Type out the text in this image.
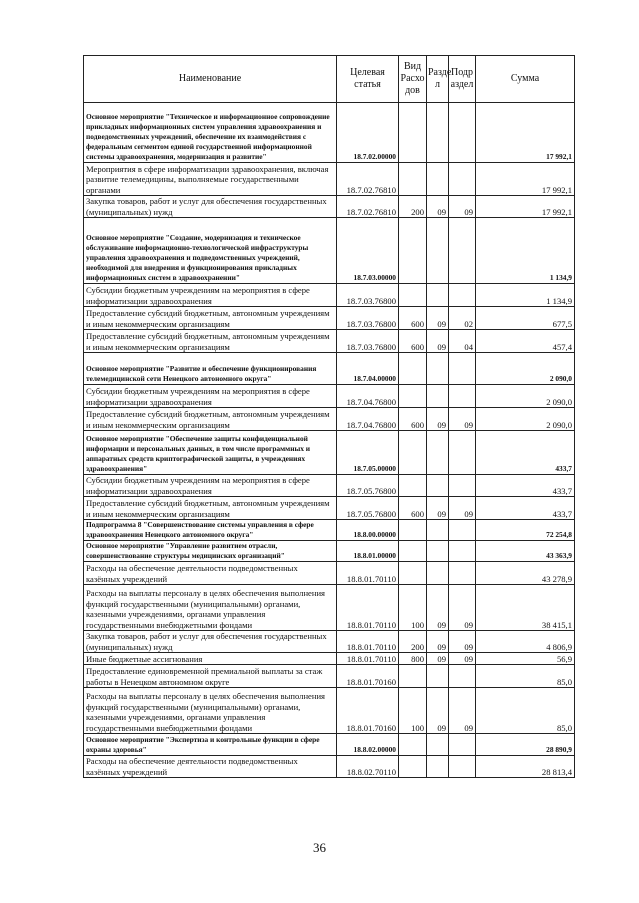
Наименование	Целевая статья	Вид Расхо дов	Разде л	Подр аздел	Сумма
Основное мероприятие "Техническое и информационное сопровождение прикладных информационных систем управления здравоохранения и подведомственных учреждений, обеспечение их взаимодействия с федеральным сегментом единой государственной информационной системы здравоохранения, модернизация и развитие"	18.7.02.00000				17 992,1
Мероприятия в сфере информатизации здравоохранения, включая развитие телемедицины, выполняемые государственными органами	18.7.02.76810				17 992,1
Закупка товаров, работ и услуг для обеспечения государственных (муниципальных) нужд	18.7.02.76810	200	09	09	17 992,1
Основное мероприятие "Создание, модернизация и техническое обслуживание информационно-технологической инфраструктуры управления здравоохранения и подведомственных учреждений, необходимой для внедрения и функционирования прикладных информационных систем в здравоохранении"	18.7.03.00000				1 134,9
Субсидии бюджетным учреждениям на мероприятия в сфере информатизации здравоохранения	18.7.03.76800				1 134,9
Предоставление субсидий бюджетным, автономным учреждениям и иным некоммерческим организациям	18.7.03.76800	600	09	02	677,5
Предоставление субсидий бюджетным, автономным учреждениям и иным некоммерческим организациям	18.7.03.76800	600	09	04	457,4
Основное мероприятие "Развитие и обеспечение функционирования телемедицинской сети Ненецкого автономного округа"	18.7.04.00000				2 090,0
Субсидии бюджетным учреждениям на мероприятия в сфере информатизации здравоохранения	18.7.04.76800				2 090,0
Предоставление субсидий бюджетным, автономным учреждениям и иным некоммерческим организациям	18.7.04.76800	600	09	09	2 090,0
Основное мероприятие "Обеспечение защиты конфиденциальной информации и персональных данных, в том числе программных и аппаратных средств криптографической защиты, в учреждениях здравоохранения"	18.7.05.00000				433,7
Субсидии бюджетным учреждениям на мероприятия в сфере информатизации здравоохранения	18.7.05.76800				433,7
Предоставление субсидий бюджетным, автономным учреждениям и иным некоммерческим организациям	18.7.05.76800	600	09	09	433,7
Подпрограмма 8 "Совершенствование системы управления в сфере здравоохранения Ненецкого автономного округа"	18.8.00.00000				72 254,8
Основное мероприятие "Управление развитием отрасли, совершенствование структуры медицинских организаций"	18.8.01.00000				43 363,9
Расходы на обеспечение деятельности подведомственных казённых учреждений	18.8.01.70110				43 278,9
Расходы на выплаты персоналу в целях обеспечения выполнения функций государственными (муниципальными) органами, казенными учреждениями, органами управления государственными внебюджетными фондами	18.8.01.70110	100	09	09	38 415,1
Закупка товаров, работ и услуг для обеспечения государственных (муниципальных) нужд	18.8.01.70110	200	09	09	4 806,9
Иные бюджетные ассигнования	18.8.01.70110	800	09	09	56,9
Предоставление единовременной премиальной выплаты за стаж работы в Ненецком автономном округе	18.8.01.70160				85,0
Расходы на выплаты персоналу в целях обеспечения выполнения функций государственными (муниципальными) органами, казенными учреждениями, органами управления государственными внебюджетными фондами	18.8.01.70160	100	09	09	85,0
Основное мероприятие "Экспертиза и контрольные функции в сфере охраны здоровья"	18.8.02.00000				28 890,9
Расходы на обеспечение деятельности подведомственных казённых учреждений	18.8.02.70110				28 813,4
36
